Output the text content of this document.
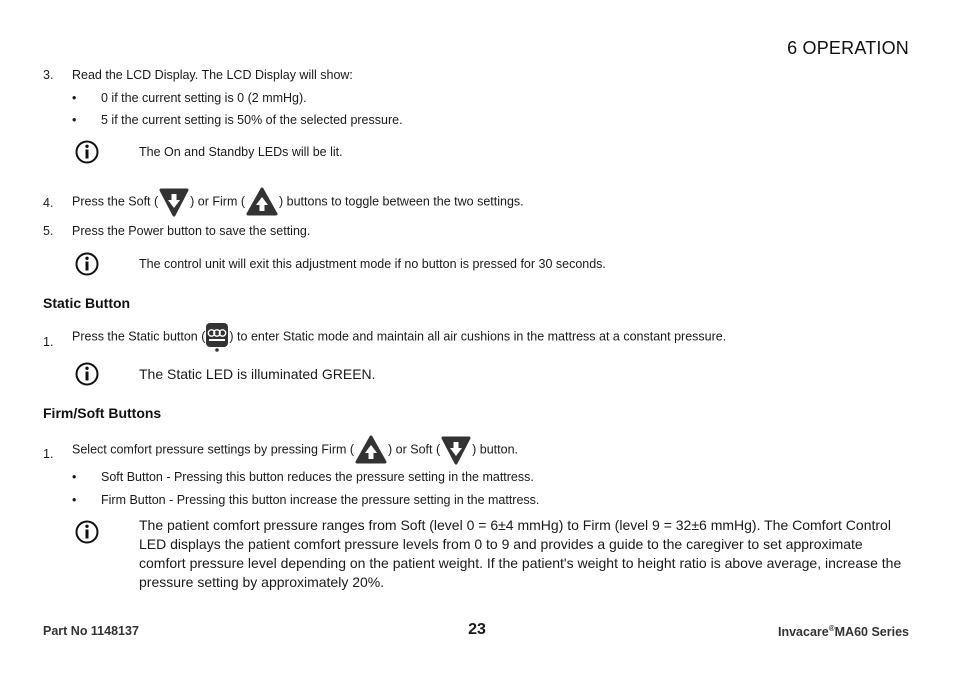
6 OPERATION
3. Read the LCD Display. The LCD Display will show:
• 0 if the current setting is 0 (2 mmHg).
• 5 if the current setting is 50% of the selected pressure.
The On and Standby LEDs will be lit.
4. Press the Soft (	) or Firm (	) buttons to toggle between the two settings.
5. Press the Power button to save the setting.
The control unit will exit this adjustment mode if no button is pressed for 30 seconds.
Static Button
1. Press the Static button ( ) to enter Static mode and maintain all air cushions in the mattress at a constant pressure.
The Static LED is illuminated GREEN.
Firm/Soft Buttons
1. Select comfort pressure settings by pressing Firm (	) or Soft (	) button.
• Soft Button - Pressing this button reduces the pressure setting in the mattress.
• Firm Button - Pressing this button increase the pressure setting in the mattress.
The patient comfort pressure ranges from Soft (level 0 = 6±4 mmHg) to Firm (level 9 = 32±6 mmHg). The Comfort Control LED displays the patient comfort pressure levels from 0 to 9 and provides a guide to the caregiver to set approximate comfort pressure level depending on the patient weight. If the patient's weight to height ratio is above average, increase the pressure setting by approximately 20%.
Part No 1148137	23	Invacare®MA60 Series
